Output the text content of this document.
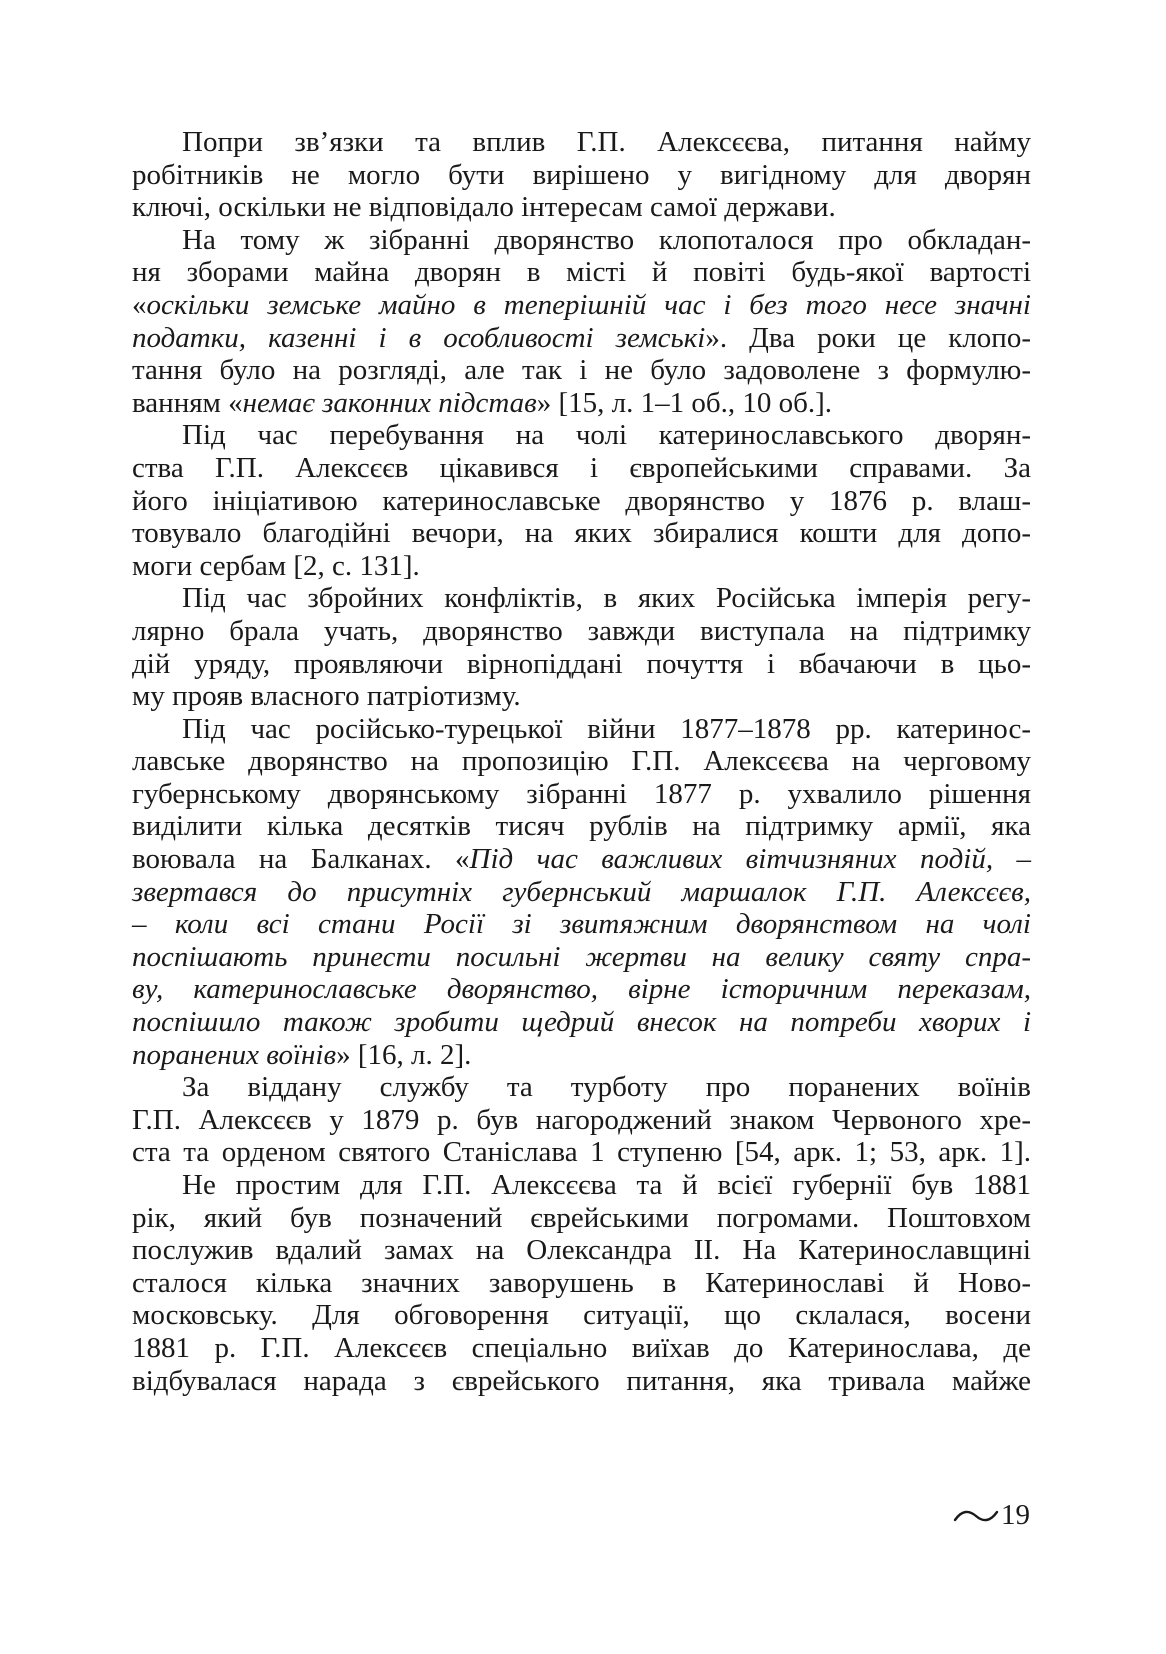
Попри зв’язки та вплив Г.П. Алексєєва, питання найму
робітників не могло бути вирішено у вигідному для дворян
ключі, оскільки не відповідало інтересам самої держави.
На тому ж зібранні дворянство клопоталося про обкладан-
ня зборами майна дворян в місті й повіті будь-якої вартості
«оскільки земське майно в теперішній час і без того несе значні
податки, казенні і в особливості земські». Два роки це клопо-
тання було на розгляді, але так і не було задоволене з формулю-
ванням «немає законних підстав» [15, л. 1–1 об., 10 об.].
Під час перебування на чолі катеринославського дворян-
ства Г.П. Алексєєв цікавився і європейськими справами. За
його ініціативою катеринославське дворянство у 1876 р. влаш-
товувало благодійні вечори, на яких збиралися кошти для допо-
моги сербам [2, с. 131].
Під час збройних конфліктів, в яких Російська імперія регу-
лярно брала учать, дворянство завжди виступала на підтримку
дій уряду, проявляючи вірнопіддані почуття і вбачаючи в цьо-
му прояв власного патріотизму.
Під час російсько-турецької війни 1877–1878 рр. катеринос-
лавське дворянство на пропозицію Г.П. Алексєєва на черговому
губернському дворянському зібранні 1877 р. ухвалило рішення
виділити кілька десятків тисяч рублів на підтримку армії, яка
воювала на Балканах. «Під час важливих вітчизняних подій, –
звертався до присутніх губернський маршалок Г.П. Алексєєв,
– коли всі стани Росії зі звитяжним дворянством на чолі
поспішають принести посильні жертви на велику святу спра-
ву, катеринославське дворянство, вірне історичним переказам,
поспішило також зробити щедрий внесок на потреби хворих і
поранених воїнів» [16, л. 2].
За віддану службу та турботу про поранених воїнів
Г.П. Алексєєв у 1879 р. був нагороджений знаком Червоного хре-
ста та орденом святого Станіслава 1 ступеню [54, арк. 1; 53, арк. 1].
Не простим для Г.П. Алексєєва та й всієї губернії був 1881
рік, який був позначений єврейськими погромами. Поштовхом
послужив вдалий замах на Олександра ІІ. На Катеринославщині
сталося кілька значних заворушень в Катеринославі й Ново-
московську. Для обговорення ситуації, що склалася, восени
1881 р. Г.П. Алексєєв спеціально виїхав до Катеринослава, де
відбувалася нарада з єврейського питання, яка тривала майже
19
